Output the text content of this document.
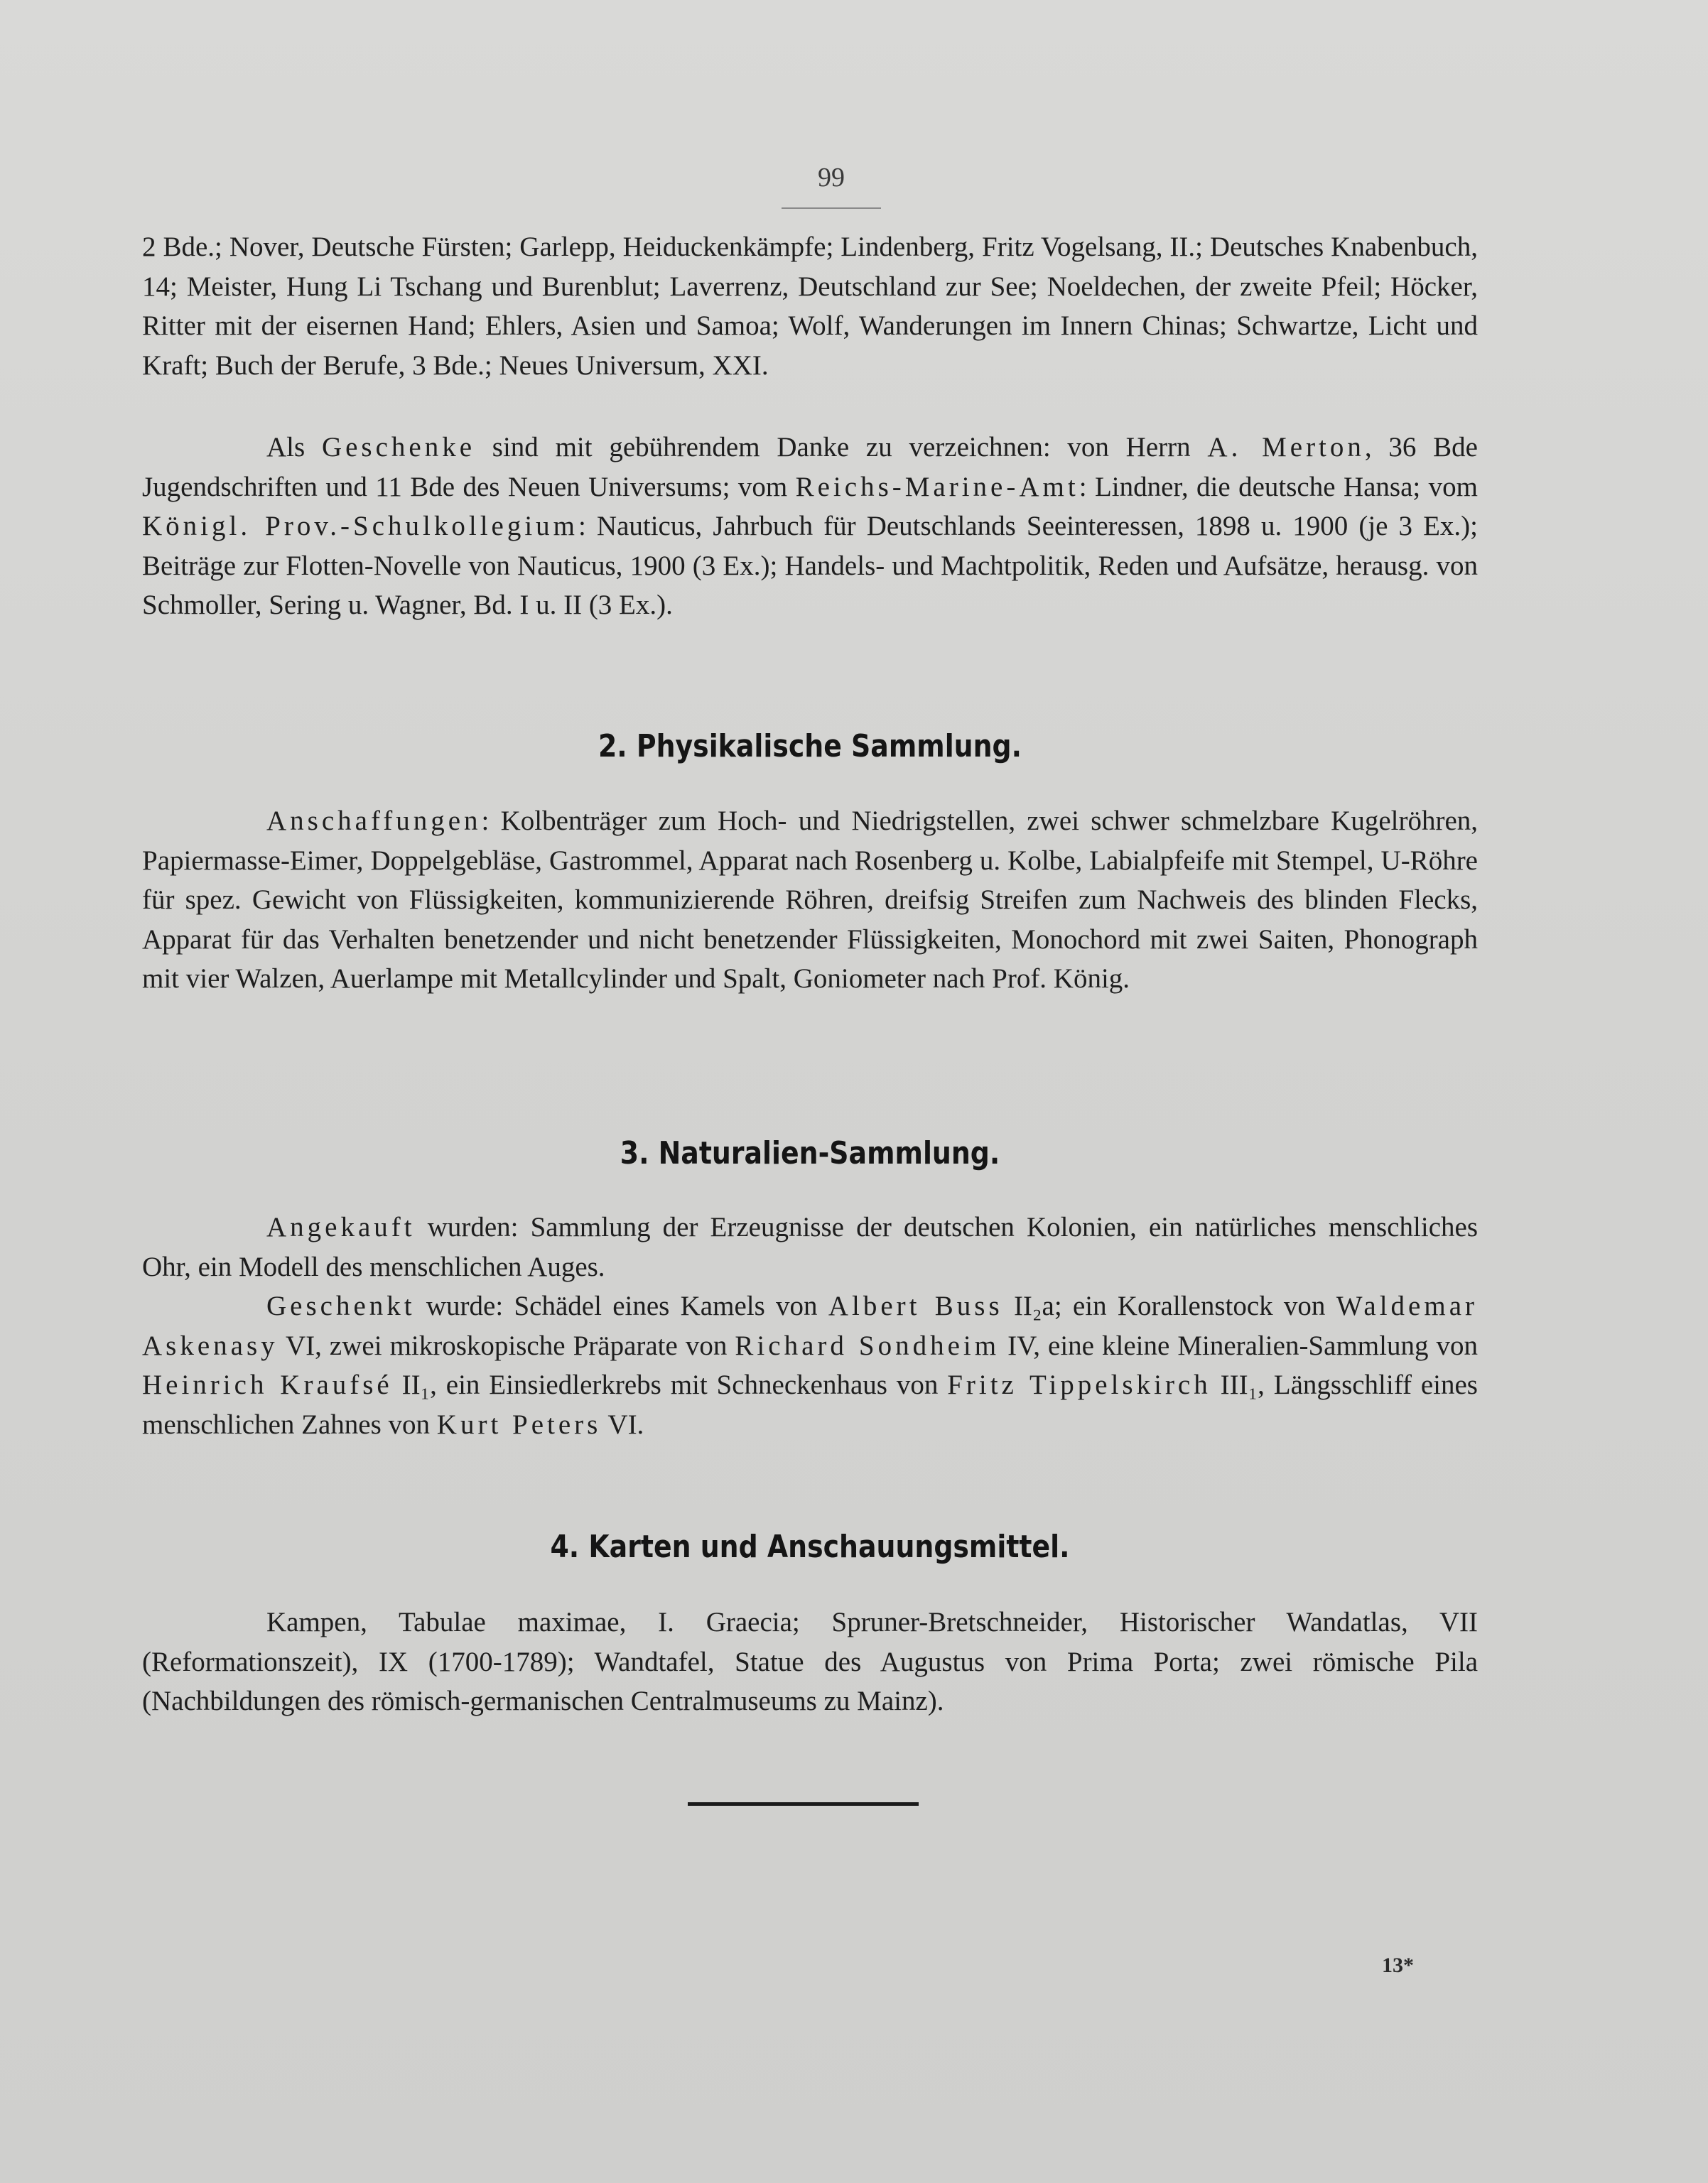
99

2 Bde.; Nover, Deutsche Fürsten; Garlepp, Heiduckenkämpfe; Lindenberg, Fritz Vogelsang, II.; Deutsches Knabenbuch, 14; Meister, Hung Li Tschang und Burenblut; Laverrenz, Deutschland zur See; Noeldechen, der zweite Pfeil; Höcker, Ritter mit der eisernen Hand; Ehlers, Asien und Samoa; Wolf, Wanderungen im Innern Chinas; Schwartze, Licht und Kraft; Buch der Berufe, 3 Bde.; Neues Universum, XXI.

Als Geschenke sind mit gebührendem Danke zu verzeichnen: von Herrn A. Merton, 36 Bde Jugendschriften und 11 Bde des Neuen Universums; vom Reichs-Marine-Amt: Lindner, die deutsche Hansa; vom Königl. Prov.-Schulkollegium: Nauticus, Jahrbuch für Deutschlands Seeinteressen, 1898 u. 1900 (je 3 Ex.); Beiträge zur Flotten-Novelle von Nauticus, 1900 (3 Ex.); Handels- und Machtpolitik, Reden und Aufsätze, herausg. von Schmoller, Sering u. Wagner, Bd. I u. II (3 Ex.).

2. Physikalische Sammlung.

Anschaffungen: Kolbenträger zum Hoch- und Niedrigstellen, zwei schwer schmelzbare Kugelröhren, Papiermasse-Eimer, Doppelgebläse, Gastrommel, Apparat nach Rosenberg u. Kolbe, Labialpfeife mit Stempel, U-Röhre für spez. Gewicht von Flüssigkeiten, kommunizierende Röhren, dreifsig Streifen zum Nachweis des blinden Flecks, Apparat für das Verhalten benetzender und nicht benetzender Flüssigkeiten, Monochord mit zwei Saiten, Phonograph mit vier Walzen, Auerlampe mit Metallcylinder und Spalt, Goniometer nach Prof. König.

3. Naturalien-Sammlung.

Angekauft wurden: Sammlung der Erzeugnisse der deutschen Kolonien, ein natürliches menschliches Ohr, ein Modell des menschlichen Auges.

Geschenkt wurde: Schädel eines Kamels von Albert Buss II₂a; ein Korallenstock von Waldemar Askenasy VI, zwei mikroskopische Präparate von Richard Sondheim IV, eine kleine Mineralien-Sammlung von Heinrich Kraufsé II₁, ein Einsiedlerkrebs mit Schneckenhaus von Fritz Tippelskirch III₁, Längsschliff eines menschlichen Zahnes von Kurt Peters VI.

4. Karten und Anschauungsmittel.

Kampen, Tabulae maximae, I. Graecia; Spruner-Bretschneider, Historischer Wandatlas, VII (Reformationszeit), IX (1700-1789); Wandtafel, Statue des Augustus von Prima Porta; zwei römische Pila (Nachbildungen des römisch-germanischen Centralmuseums zu Mainz).

13*
